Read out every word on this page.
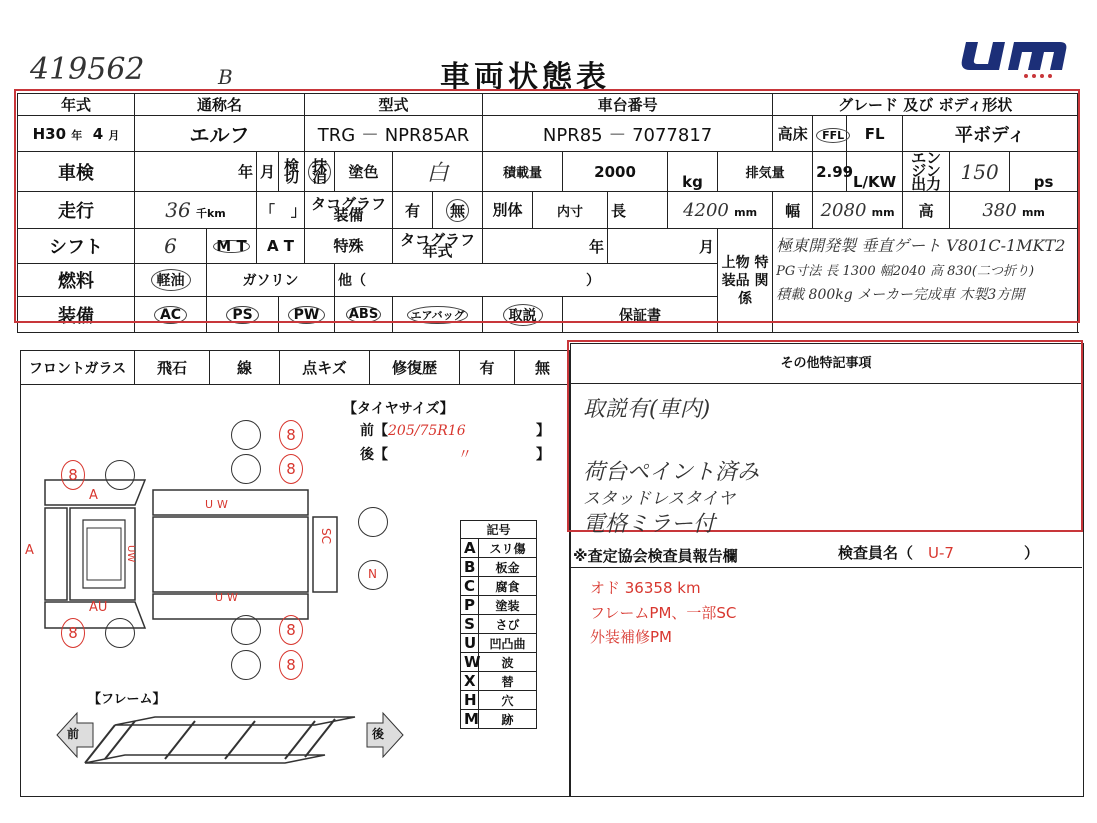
419562	B	車両状態表
年式	通称名				型式				車台番号						グレード 及び ボディ形状					
H30 年 4 月	エルフ				TRG － NPR85AR				NPR85 － 7077817						高床	FFL	FL	平ボディ		
車検	年		月	検切	抹消	塗色	白		積載量		2000		kg	排気量		2.99	L/KW	エンジン 出力	150	ps
走行	36 千km		「 」		タコグラフ 装備		有	無	別体	内寸		長	4200 mm		幅	2080 mm		高	380 mm	
シフト	6	M T	A T		特殊		タコグラフ 年式		年			月		上物 特装品 関係	極東開発製 垂直ゲート V801C-1MKT2
PG寸法 長 1300 幅2040 高 830(二つ折り)
積載 800kg メーカー完成車 木製3方開					

燃料	軽油	ガソリン				他（ ）														
装備	AC	PS		PW		ABS	エアバッグ		取説		保証書									
フロントガラス	飛石	線	点キズ	修復歴	有	無
【タイヤサイズ】
前【205/75R16	】
後【	〃	】
8
8
8
8	8
8
A
A
AU
UW
UW
UW
SC
N
記号	
A	スリ傷
B	板金
C	腐食
P	塗装
S	さび
U	凹凸曲
W	波
X	替
H	穴
M	跡
【フレーム】
前	後
その他特記事項
取説有(車内)
荷台ペイント済み
スタッドレスタイヤ
電格ミラー付
※査定協会検査員報告欄	検査員名（ U-7	）
オド 36358 km
フレームPM、一部SC
外装補修PM
